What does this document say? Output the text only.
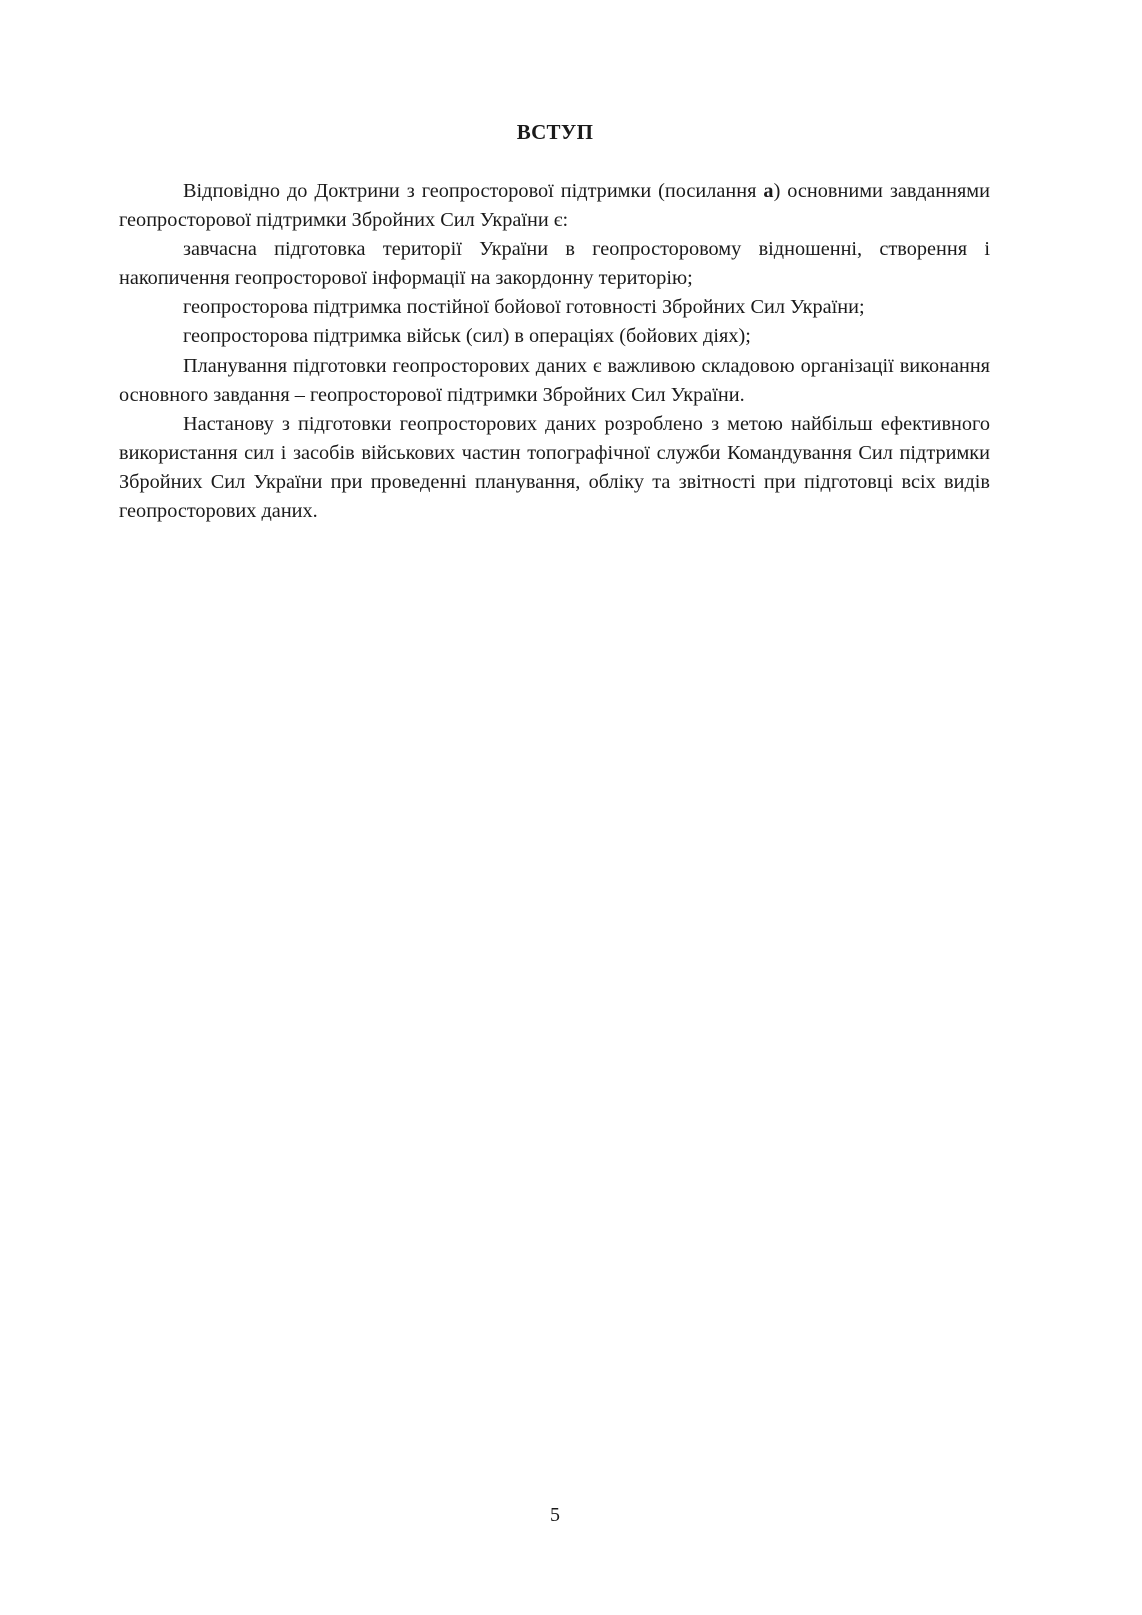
ВСТУП

Відповідно до Доктрини з геопросторової підтримки (посилання а) основними завданнями геопросторової підтримки Збройних Сил України є:

завчасна підготовка території України в геопросторовому відношенні, створення і накопичення геопросторової інформації на закордонну територію;

геопросторова підтримка постійної бойової готовності Збройних Сил України;

геопросторова підтримка військ (сил) в операціях (бойових діях);

Планування підготовки геопросторових даних є важливою складовою організації виконання основного завдання – геопросторової підтримки Збройних Сил України.

Настанову з підготовки геопросторових даних розроблено з метою найбільш ефективного використання сил і засобів військових частин топографічної служби Командування Сил підтримки Збройних Сил України при проведенні планування, обліку та звітності при підготовці всіх видів геопросторових даних.

5
